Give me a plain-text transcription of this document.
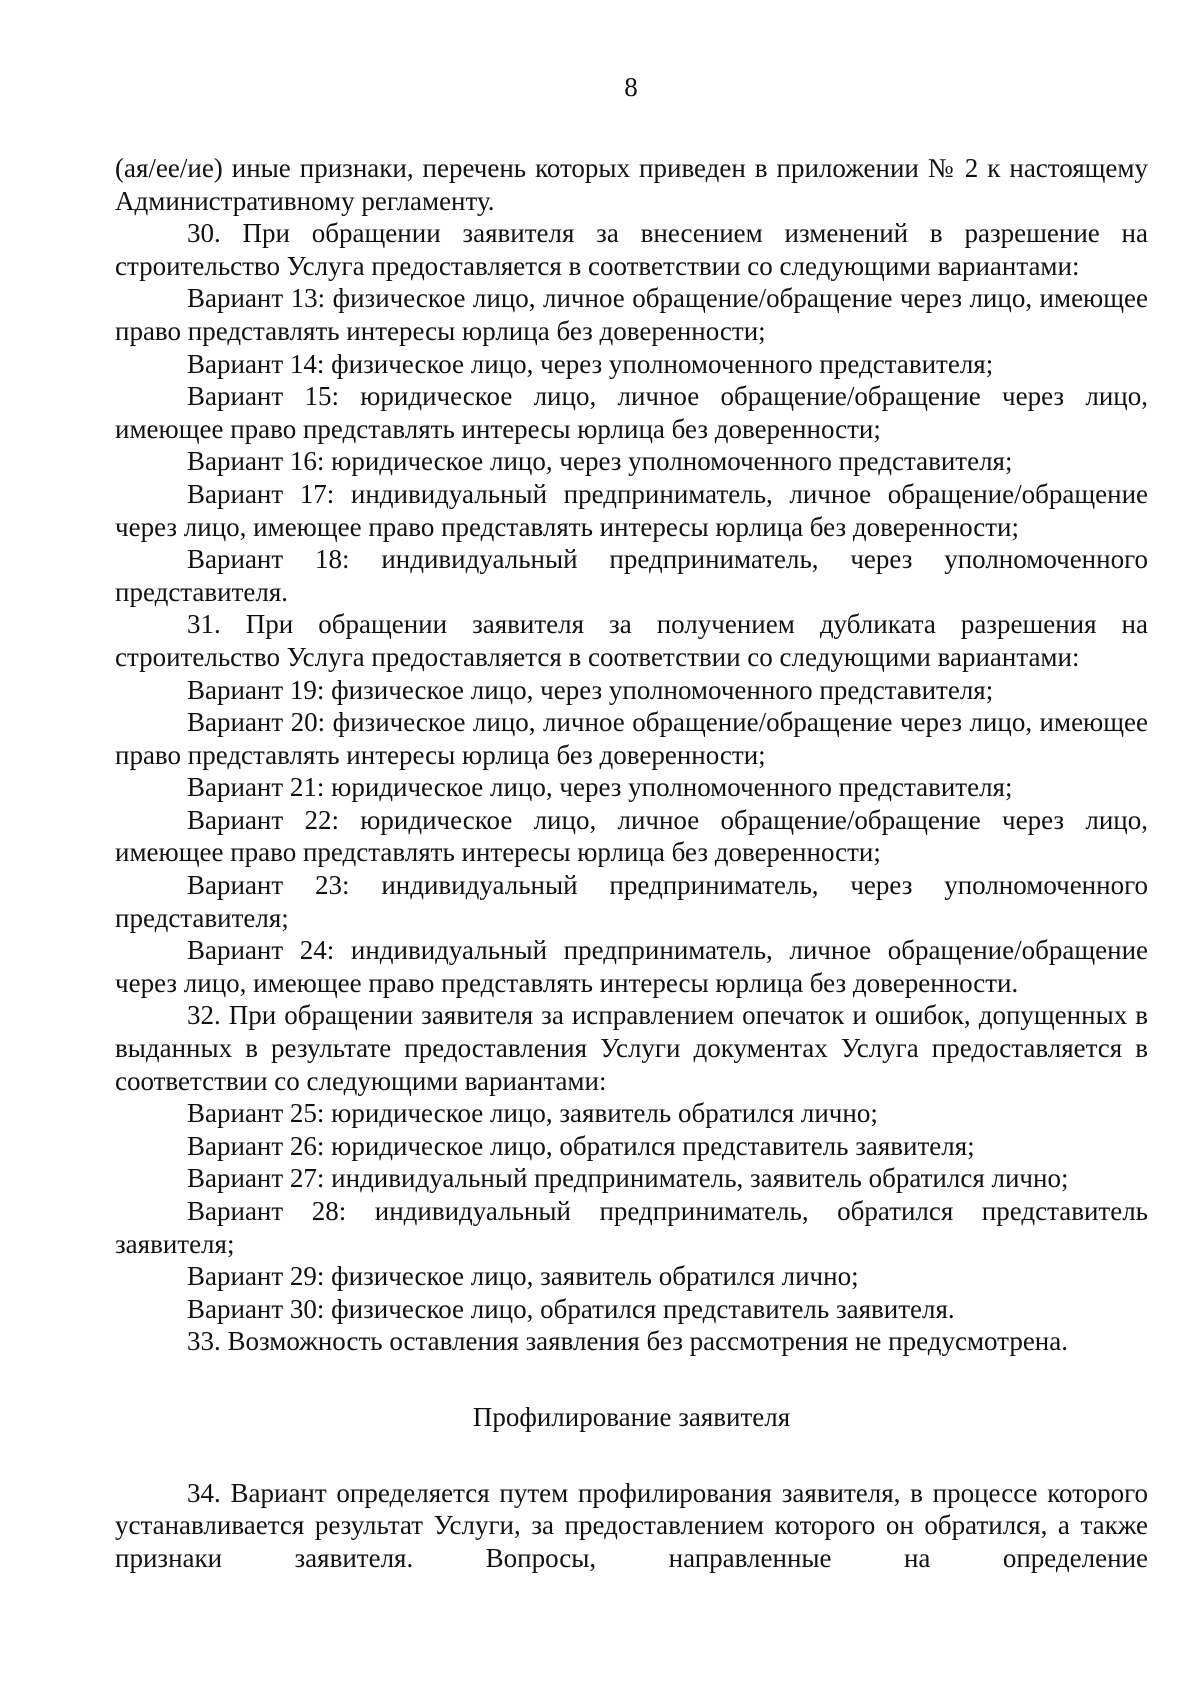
8

(ая/ее/ие) иные признаки, перечень которых приведен в приложении № 2 к настоящему Административному регламенту.

30. При обращении заявителя за внесением изменений в разрешение на строительство Услуга предоставляется в соответствии со следующими вариантами:

Вариант 13: физическое лицо, личное обращение/обращение через лицо, имеющее право представлять интересы юрлица без доверенности;

Вариант 14: физическое лицо, через уполномоченного представителя;

Вариант 15: юридическое лицо, личное обращение/обращение через лицо, имеющее право представлять интересы юрлица без доверенности;

Вариант 16: юридическое лицо, через уполномоченного представителя;

Вариант 17: индивидуальный предприниматель, личное обращение/обращение через лицо, имеющее право представлять интересы юрлица без доверенности;

Вариант 18: индивидуальный предприниматель, через уполномоченного представителя.

31. При обращении заявителя за получением дубликата разрешения на строительство Услуга предоставляется в соответствии со следующими вариантами:

Вариант 19: физическое лицо, через уполномоченного представителя;

Вариант 20: физическое лицо, личное обращение/обращение через лицо, имеющее право представлять интересы юрлица без доверенности;

Вариант 21: юридическое лицо, через уполномоченного представителя;

Вариант 22: юридическое лицо, личное обращение/обращение через лицо, имеющее право представлять интересы юрлица без доверенности;

Вариант 23: индивидуальный предприниматель, через уполномоченного представителя;

Вариант 24: индивидуальный предприниматель, личное обращение/обращение через лицо, имеющее право представлять интересы юрлица без доверенности.

32. При обращении заявителя за исправлением опечаток и ошибок, допущенных в выданных в результате предоставления Услуги документах Услуга предоставляется в соответствии со следующими вариантами:

Вариант 25: юридическое лицо, заявитель обратился лично;

Вариант 26: юридическое лицо, обратился представитель заявителя;

Вариант 27: индивидуальный предприниматель, заявитель обратился лично;

Вариант 28: индивидуальный предприниматель, обратился представитель заявителя;

Вариант 29: физическое лицо, заявитель обратился лично;

Вариант 30: физическое лицо, обратился представитель заявителя.

33. Возможность оставления заявления без рассмотрения не предусмотрена.

Профилирование заявителя

34. Вариант определяется путем профилирования заявителя, в процессе которого устанавливается результат Услуги, за предоставлением которого он обратился, а также признаки заявителя. Вопросы, направленные на определение
